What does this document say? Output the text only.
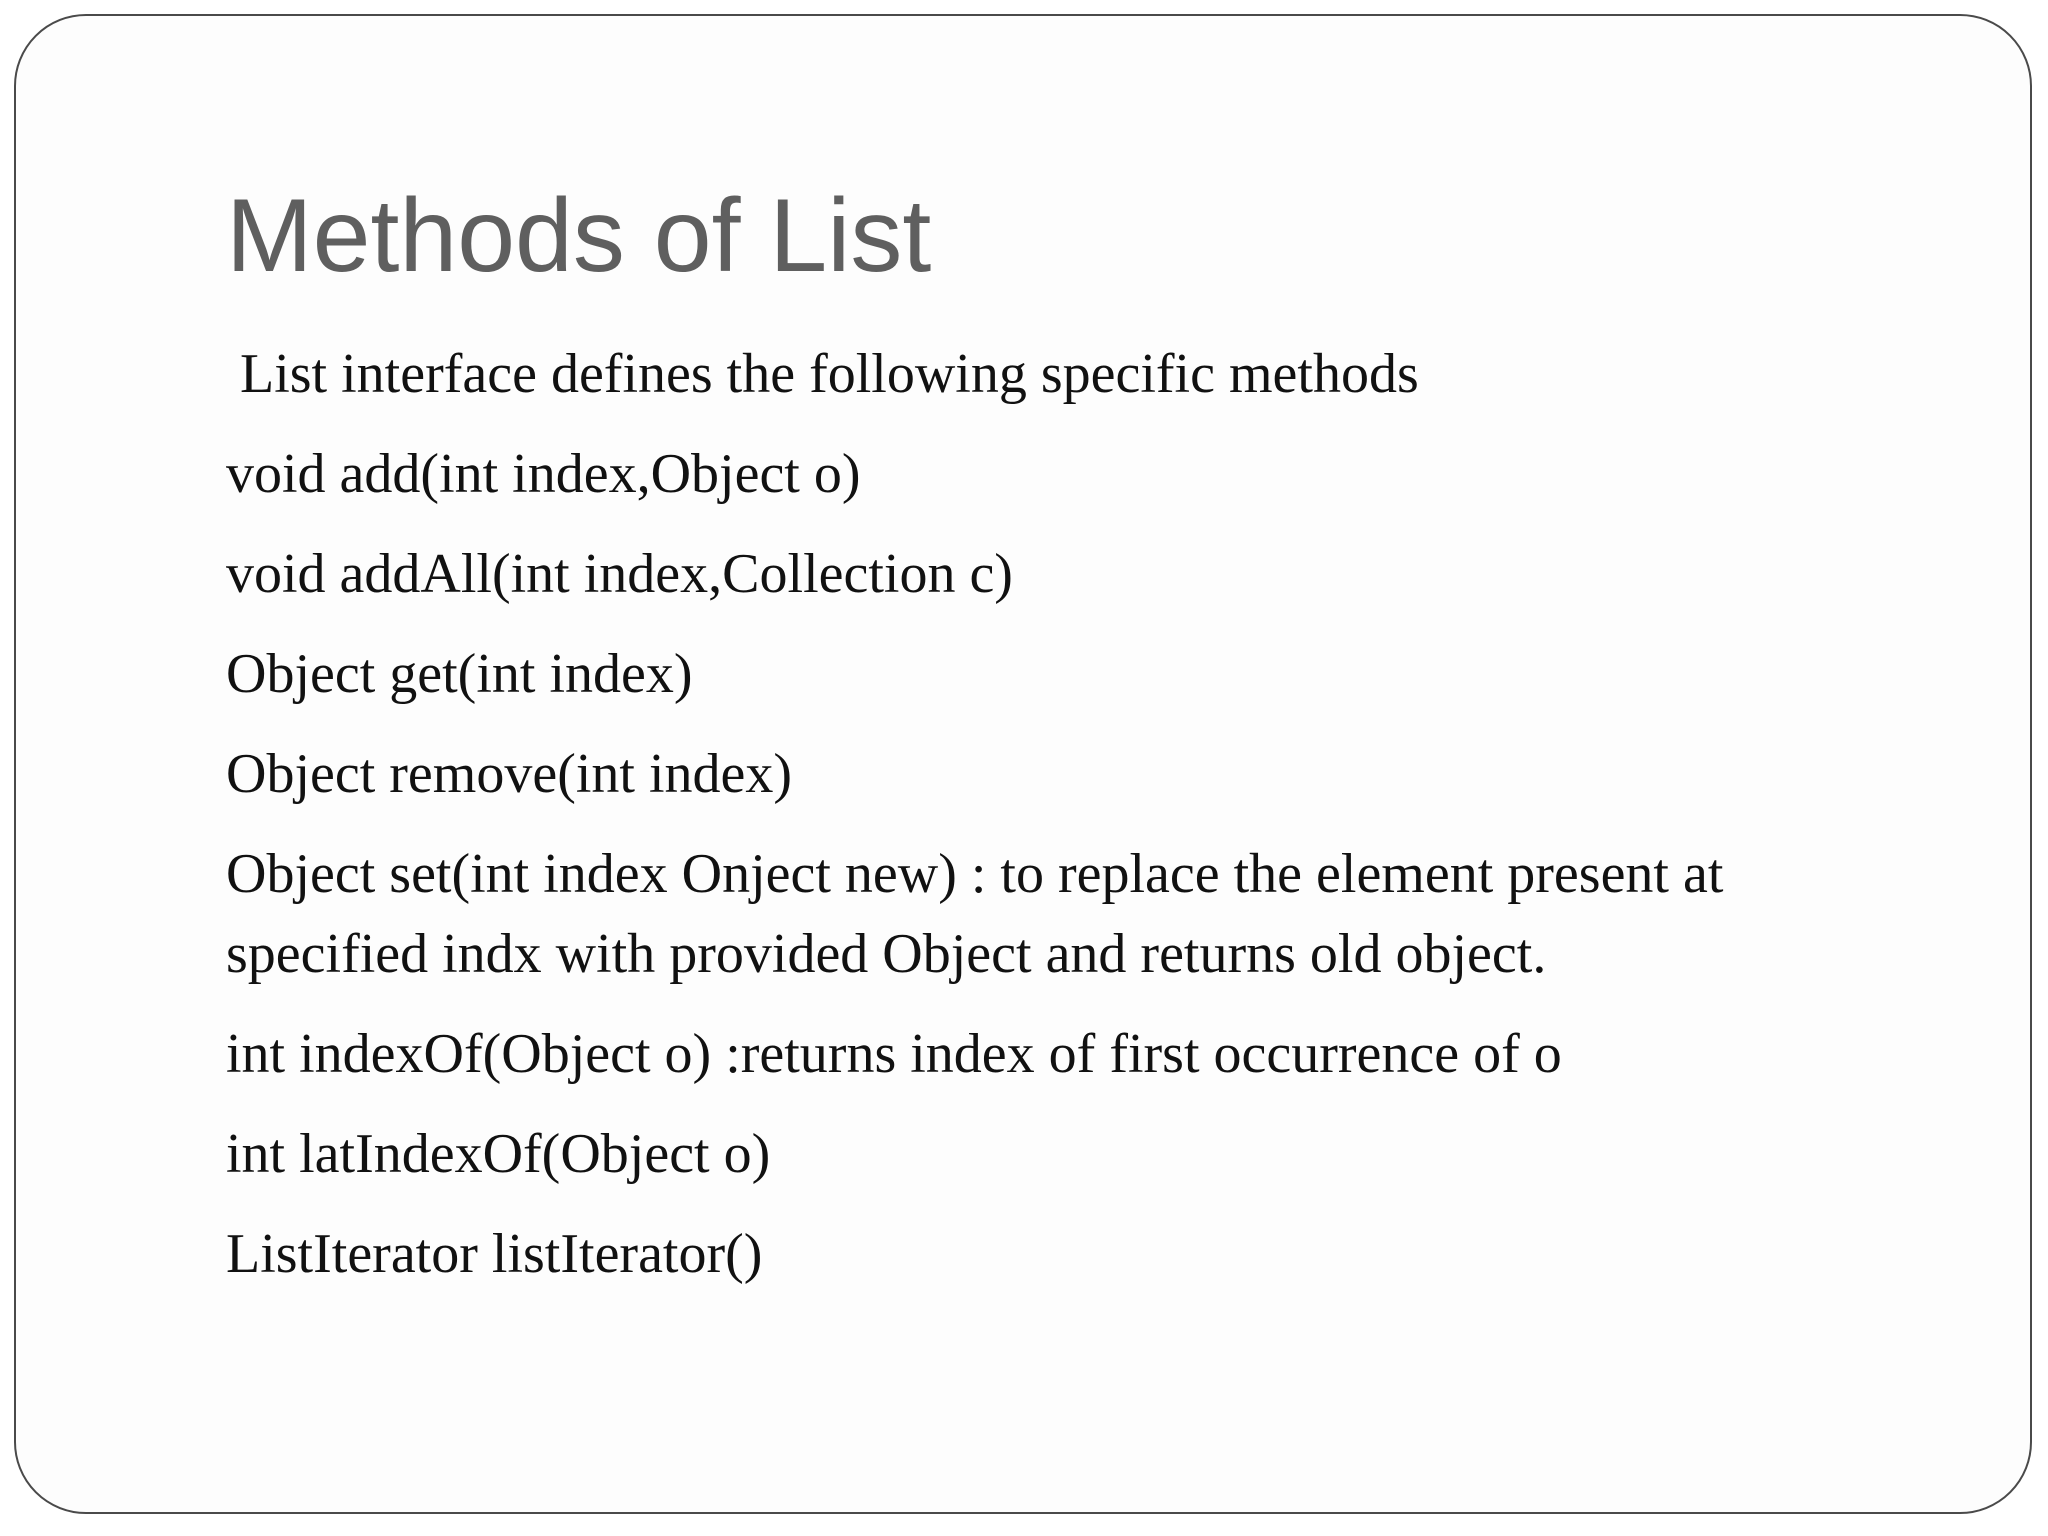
Methods of List

List interface defines the following specific methods

void add(int index,Object o)

void addAll(int index,Collection c)

Object get(int index)

Object remove(int index)

Object set(int index Onject new) : to replace the element present at specified indx with provided Object and returns old object.

int indexOf(Object o) :returns index of first occurrence of o

int latIndexOf(Object o)

ListIterator listIterator()
